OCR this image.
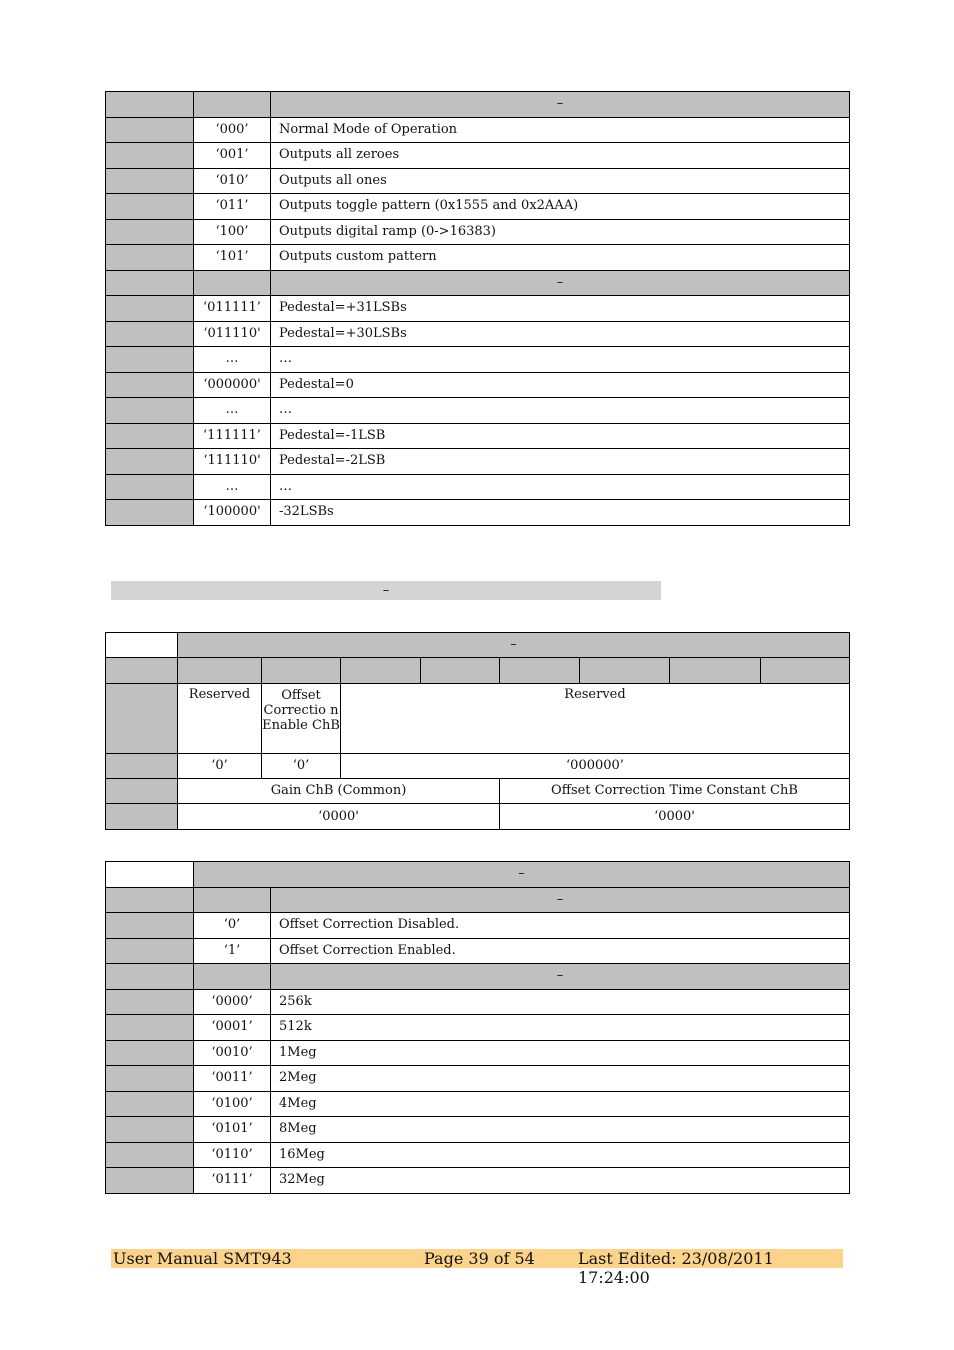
		–
	‘000’	Normal Mode of Operation
	‘001’	Outputs all zeroes
	‘010’	Outputs all ones
	‘011’	Outputs toggle pattern (0x1555 and 0x2AAA)
	‘100’	Outputs digital ramp (0->16383)
	‘101’	Outputs custom pattern
		–
	‘011111’	Pedestal=+31LSBs
	‘011110'	Pedestal=+30LSBs
	…	…
	‘000000'	Pedestal=0
	…	…
	‘111111’	Pedestal=-1LSB
	‘111110'	Pedestal=-2LSB
	…	…
	‘100000'	-32LSBs
–
	–							

	Reserved	Offset Correctio n Enable ChB	Reserved					
	‘0’	‘0’	‘000000’					
	Gain ChB (Common)				Offset Correction Time Constant ChB			
	‘0000'				‘0000'			
	–	
		–
	‘0’	Offset Correction Disabled.
	‘1’	Offset Correction Enabled.
		–
	‘0000’	256k
	‘0001’	512k
	‘0010’	1Meg
	‘0011’	2Meg
	‘0100’	4Meg
	‘0101’	8Meg
	‘0110’	16Meg
	‘0111’	32Meg
User Manual SMT943	Page 39 of 54	Last Edited: 23/08/2011 17:24:00
